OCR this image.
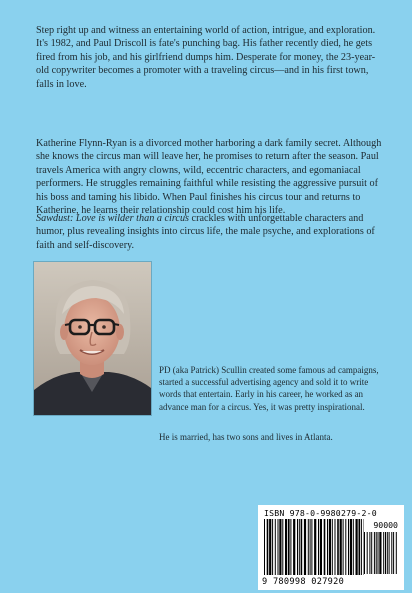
Step right up and witness an entertaining world of action, intrigue, and exploration. It's 1982, and Paul Driscoll is fate's punching bag. His father recently died, he gets fired from his job, and his girlfriend dumps him. Desperate for money, the 23-year-old copywriter becomes a promoter with a traveling circus—and in his first town, falls in love.

Katherine Flynn-Ryan is a divorced mother harboring a dark family secret. Although she knows the circus man will leave her, he promises to return after the season. Paul travels America with angry clowns, wild, eccentric characters, and egomaniacal performers. He struggles remaining faithful while resisting the aggressive pursuit of his boss and taming his libido. When Paul finishes his circus tour and returns to Katherine, he learns their relationship could cost him his life.

Sawdust: Love is wilder than a circus crackles with unforgettable characters and humor, plus revealing insights into circus life, the male psyche, and explorations of faith and self-discovery.

PD (aka Patrick) Scullin created some famous ad campaigns, started a successful advertising agency and sold it to write words that entertain. Early in his career, he worked as an advance man for a circus. Yes, it was pretty inspirational.

He is married, has two sons and lives in Atlanta.

ISBN 978-0-9980279-2-0
90000
9 780998 027920
